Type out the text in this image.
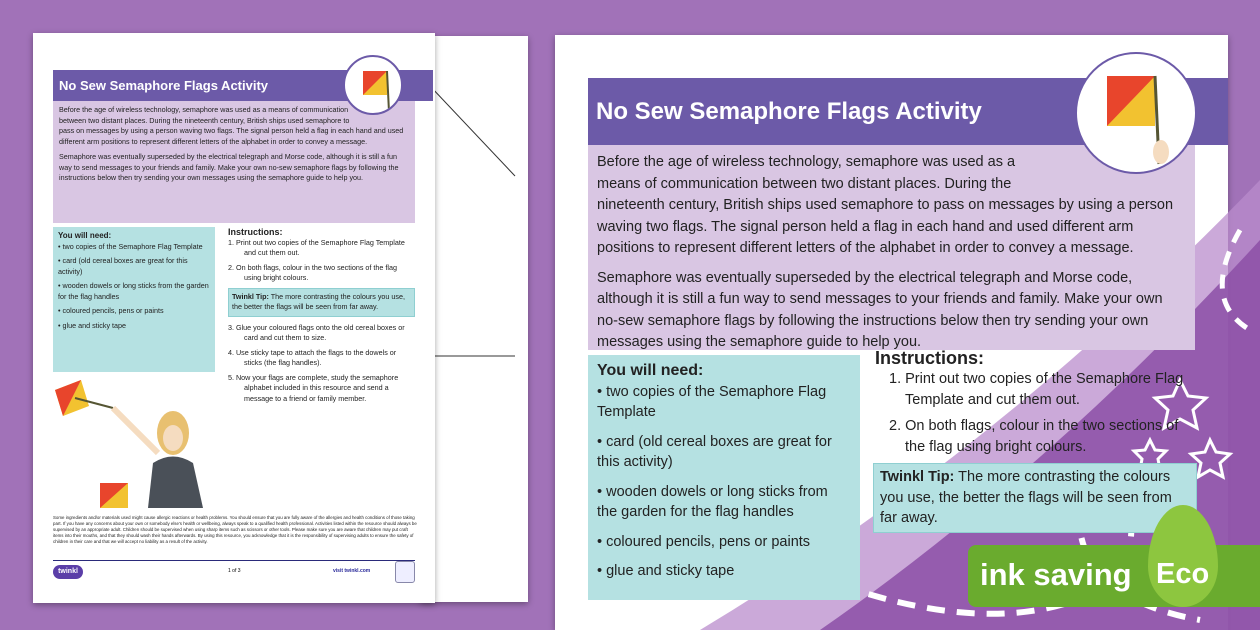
No Sew Semaphore Flags Activity

Before the age of wireless technology, semaphore was used as a means of communication between two distant places. During the nineteenth century, British ships used semaphore to pass on messages by using a person waving two flags. The signal person held a flag in each hand and used different arm positions to represent different letters of the alphabet in order to convey a message.

Semaphore was eventually superseded by the electrical telegraph and Morse code, although it is still a fun way to send messages to your friends and family. Make your own no-sew semaphore flags by following the instructions below then try sending your own messages using the semaphore guide to help you.

You will need:
• two copies of the Semaphore Flag Template
• card (old cereal boxes are great for this activity)
• wooden dowels or long sticks from the garden for the flag handles
• coloured pencils, pens or paints
• glue and sticky tape
Instructions:
1. Print out two copies of the Semaphore Flag Template and cut them out.
2. On both flags, colour in the two sections of the flag using bright colours.
Twinkl Tip: The more contrasting the colours you use, the better the flags will be seen from far away.
3. Glue your coloured flags onto the old cereal boxes or card and cut them to size.
4. Use sticky tape to attach the flags to the dowels or sticks (the flag handles).
5. Now your flags are complete, study the semaphore alphabet included in this resource and send a message to a friend or family member.
Some ingredients and/or materials used might cause allergic reactions or health problems. You should ensure that you are fully aware of the allergies and health conditions of those taking part. If you have any concerns about your own or somebody else's health or wellbeing, always speak to a qualified health professional. Activities listed within the resource should always be supervised by an appropriate adult. Children should be supervised when using sharp items such as scissors or other tools. Please make sure you are aware that children may put craft items into their mouths, and that they should wash their hands afterwards. By using this resource, you acknowledge that it is the responsibility of supervising adults to ensure the safety of children in their care and that we will accept no liability as a result of the activity.
twinkl	1 of 3	visit twinkl.com
No Sew Semaphore Flags Activity

Before the age of wireless technology, semaphore was used as a means of communication between two distant places. During the nineteenth century, British ships used semaphore to pass on messages by using a person waving two flags. The signal person held a flag in each hand and used different arm positions to represent different letters of the alphabet in order to convey a message.

Semaphore was eventually superseded by the electrical telegraph and Morse code, although it is still a fun way to send messages to your friends and family. Make your own no-sew semaphore flags by following the instructions below then try sending your own messages using the semaphore guide to help you.

You will need:
• two copies of the Semaphore Flag Template
• card (old cereal boxes are great for this activity)
• wooden dowels or long sticks from the garden for the flag handles
• coloured pencils, pens or paints
• glue and sticky tape
Instructions:
1. Print out two copies of the Semaphore Flag Template and cut them out.
2. On both flags, colour in the two sections of the flag using bright colours.
Twinkl Tip: The more contrasting the colours you use, the better the flags will be seen from far away.
ink saving Eco
